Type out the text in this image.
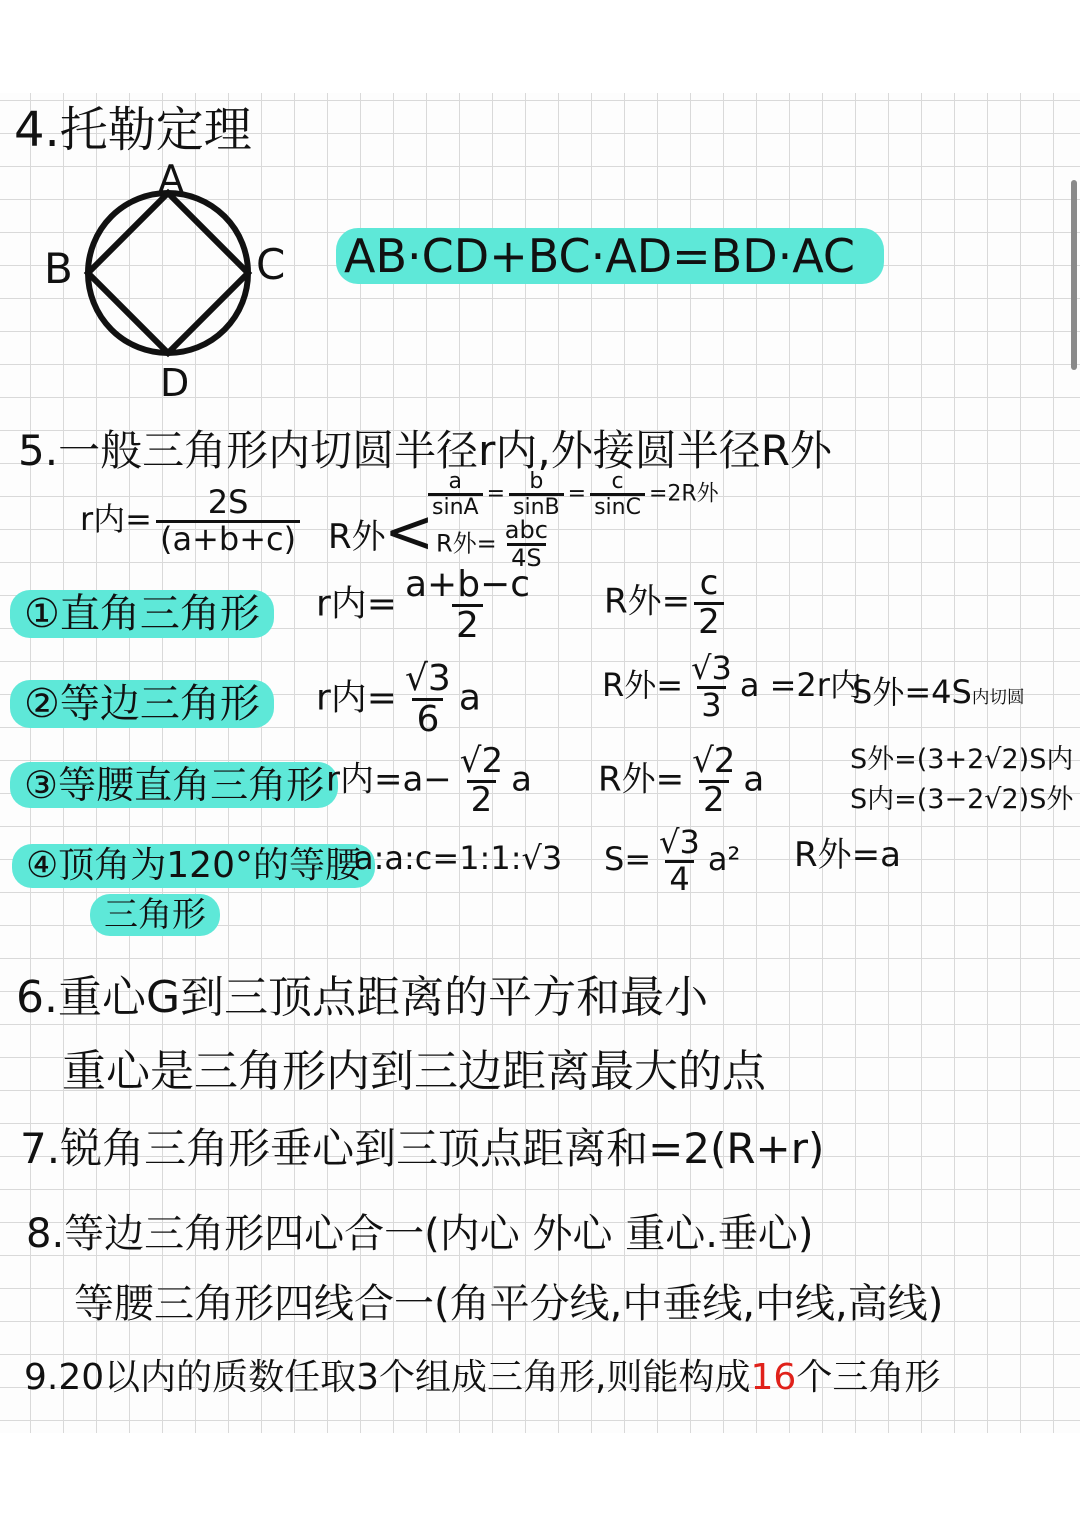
4.托勒定理
A
B	C
D
AB·CD+BC·AD=BD·AC
5.一般三角形内切圆半径r内,外接圆半径R外
r内= $\frac{2S}{(a+b+c)}$ R外
<
$\frac{a}{\sin A} = \frac{b}{\sin B} = \frac{c}{\sin C} =2R$外
R外= $\frac{\text{abc}}{4S}$
①直角三角形	r内= $\frac{a+b-c}{2}$ R外= $\frac{c}{2}$
②等边三角形	r内= $\frac{√3}{6}$ a	R外= $\frac{√3}{3}$ a =2r内
S外=4S内切圆
③等腰直角三角形 r内$=a- \frac{√2}{2}$ a R外= $\frac{√2}{2}$ a
S外=(3+2√2)S内
S内=(3−2√2)S外
④顶角为120°的等腰
三角形
a:a:c=1:1:√3 $S= \frac{√3}{4} a^2$ R外=a
6.重心G到三顶点距离的平方和最小
重心是三角形内到三边距离最大的点
7.锐角三角形垂心到三顶点距离和=2(R+r)
8.等边三角形四心合一(内心 外心 重心.垂心)
等腰三角形四线合一(角平分线,中垂线,中线,高线)
9.20以内的质数任取3个组成三角形,则能构成16个三角形
